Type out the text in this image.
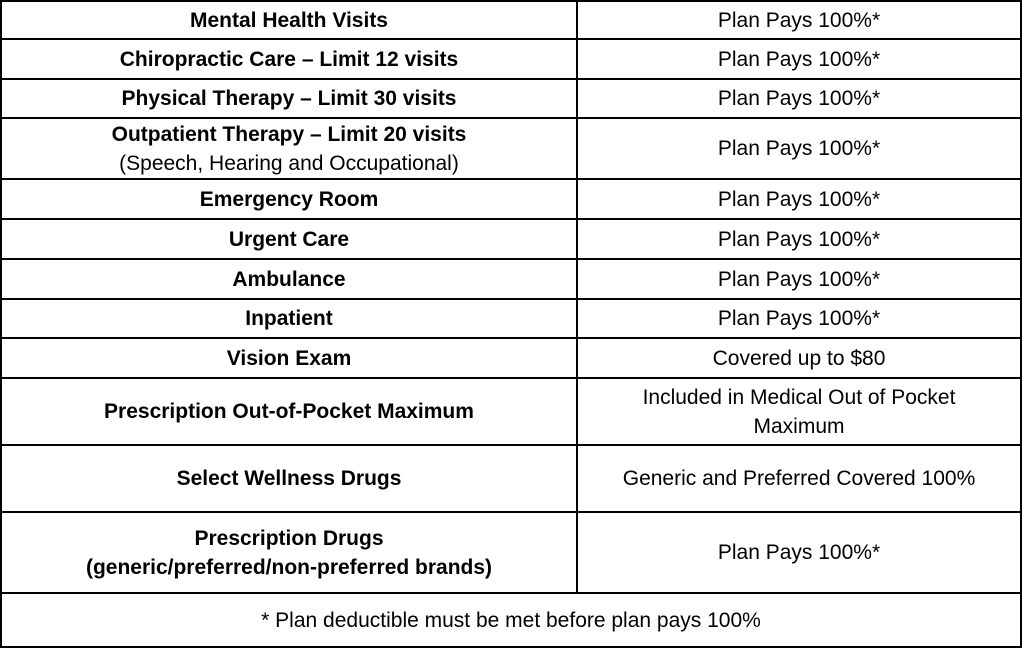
Mental Health Visits	Plan Pays 100%*
Chiropractic Care – Limit 12 visits	Plan Pays 100%*
Physical Therapy – Limit 30 visits	Plan Pays 100%*

Outpatient Therapy – Limit 20 visits
(Speech, Hearing and Occupational)	Plan Pays 100%*
Emergency Room	Plan Pays 100%*
Urgent Care	Plan Pays 100%*
Ambulance	Plan Pays 100%*
Inpatient	Plan Pays 100%*
Vision Exam	Covered up to $80
Prescription Out-of-Pocket Maximum	Included in Medical Out of Pocket
Maximum

Select Wellness Drugs	Generic and Preferred Covered 100%

Prescription Drugs
(generic/preferred/non-preferred brands)	Plan Pays 100%*
* Plan deductible must be met before plan pays 100%	
